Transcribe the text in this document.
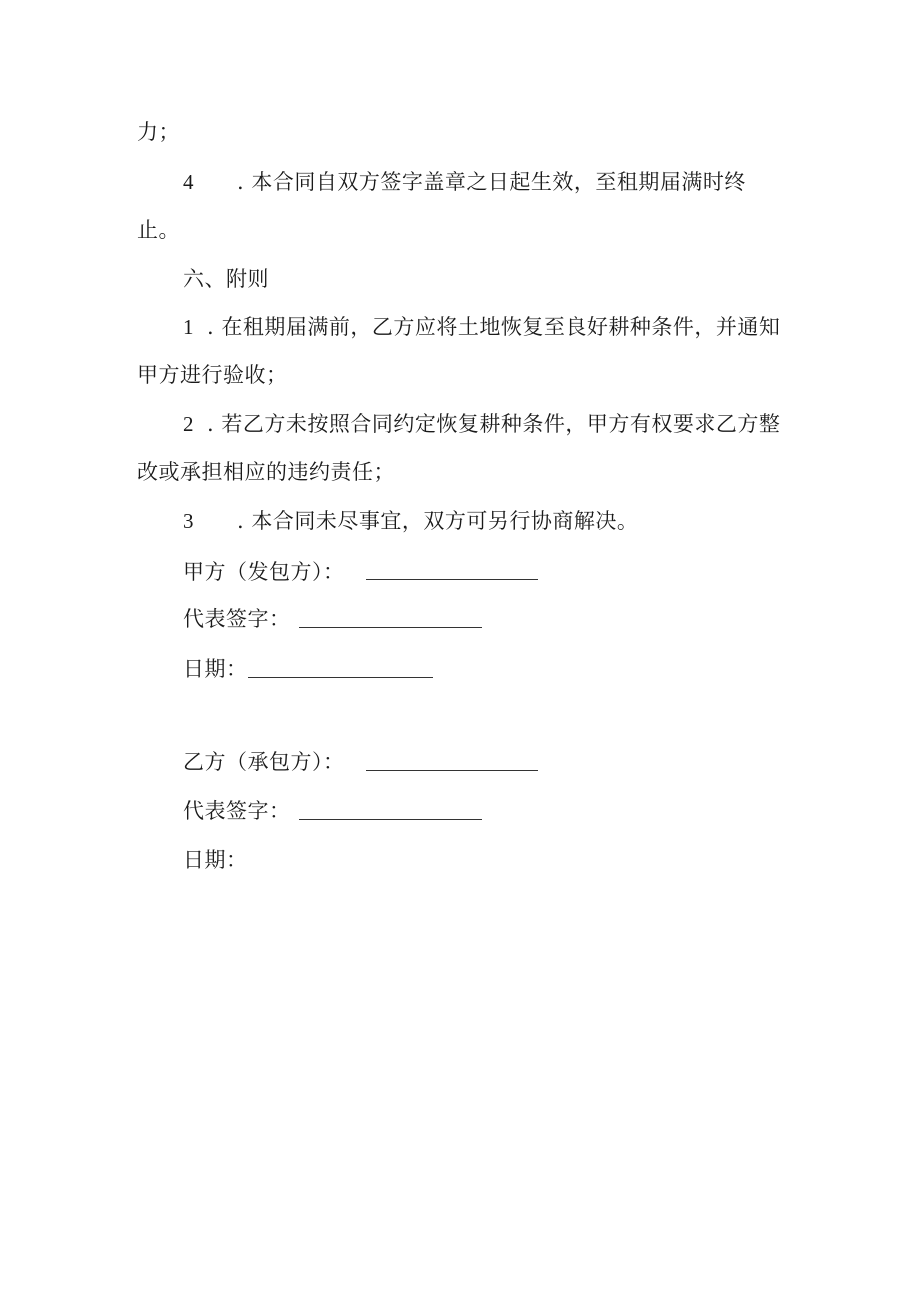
力；
4 . 本合同自双方签字盖章之日起生效，至租期届满时终
止。
六、附则
1 . 在租期届满前，乙方应将土地恢复至良好耕种条件，并通知
甲方进行验收；
2 . 若乙方未按照合同约定恢复耕种条件，甲方有权要求乙方整
改或承担相应的违约责任；
3 . 本合同未尽事宜，双方可另行协商解决。
甲方（发包方）：
代表签字：
日期：
乙方（承包方）：
代表签字：
日期：
